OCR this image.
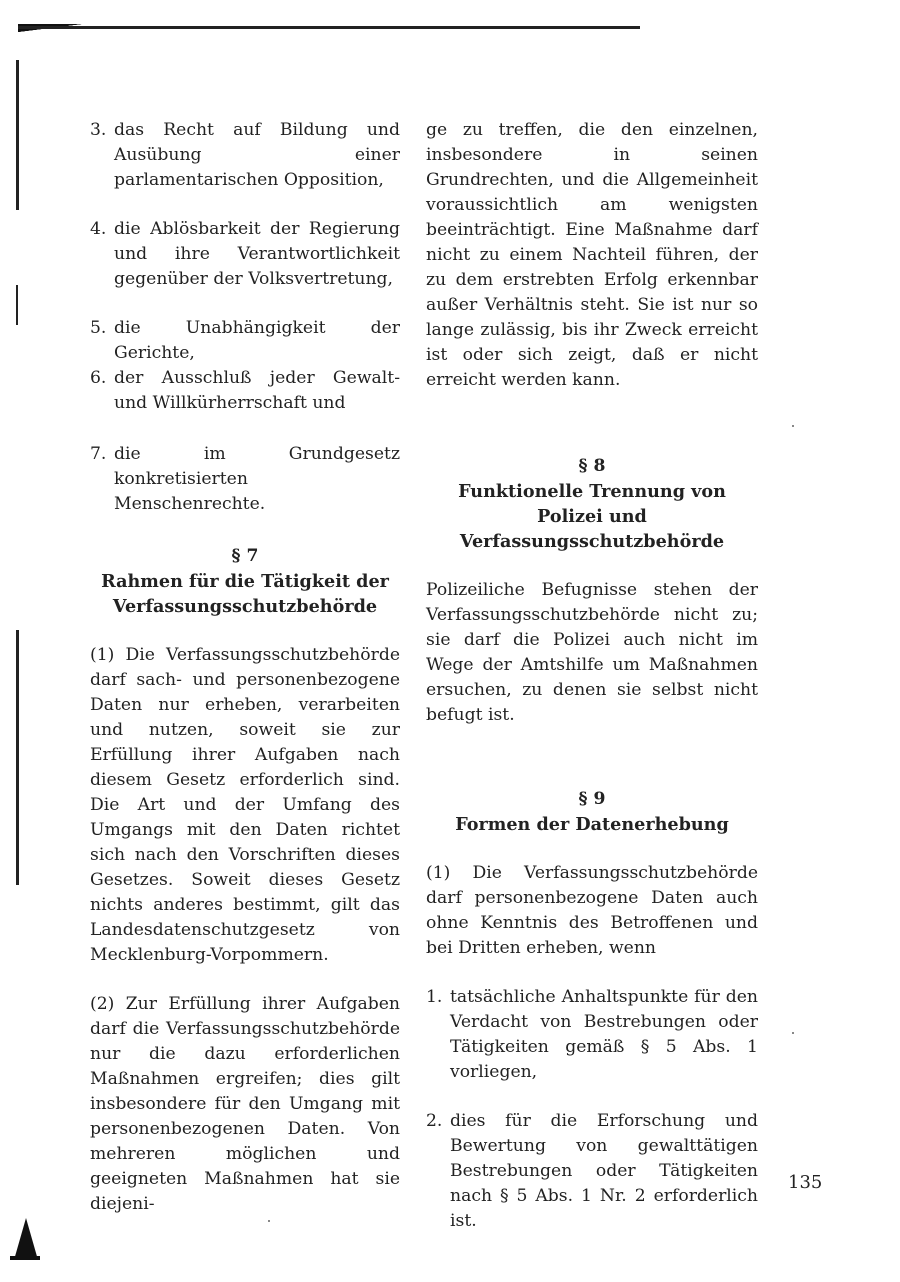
3. das Recht auf Bildung und Ausübung einer parlamentarischen Opposition,
4. die Ablösbarkeit der Regierung und ihre Verantwortlichkeit gegenüber der Volksvertretung,
5. die Unabhängigkeit der Gerichte,
6. der Ausschluß jeder Gewalt- und Willkürherrschaft und
7. die im Grundgesetz konkretisierten Menschenrechte.
§ 7
Rahmen für die Tätigkeit der Verfassungsschutzbehörde

(1) Die Verfassungsschutzbehörde darf sach- und personenbezogene Daten nur erheben, verarbeiten und nutzen, soweit sie zur Erfüllung ihrer Aufgaben nach diesem Gesetz erforderlich sind. Die Art und der Umfang des Umgangs mit den Daten richtet sich nach den Vorschriften dieses Gesetzes. Soweit dieses Gesetz nichts anderes bestimmt, gilt das Landesdatenschutzgesetz von Mecklenburg-Vorpommern.

(2) Zur Erfüllung ihrer Aufgaben darf die Verfassungsschutzbehörde nur die dazu erforderlichen Maßnahmen ergreifen; dies gilt insbesondere für den Umgang mit personenbezogenen Daten. Von mehreren möglichen und geeigneten Maßnahmen hat sie diejeni-

ge zu treffen, die den einzelnen, insbesondere in seinen Grundrechten, und die Allgemeinheit voraussichtlich am wenigsten beeinträchtigt. Eine Maßnahme darf nicht zu einem Nachteil führen, der zu dem erstrebten Erfolg erkennbar außer Verhältnis steht. Sie ist nur so lange zulässig, bis ihr Zweck erreicht ist oder sich zeigt, daß er nicht erreicht werden kann.

§ 8
Funktionelle Trennung von Polizei und Verfassungsschutzbehörde

Polizeiliche Befugnisse stehen der Verfassungsschutzbehörde nicht zu; sie darf die Polizei auch nicht im Wege der Amtshilfe um Maßnahmen ersuchen, zu denen sie selbst nicht befugt ist.

§ 9
Formen der Datenerhebung

(1) Die Verfassungsschutzbehörde darf personenbezogene Daten auch ohne Kenntnis des Betroffenen und bei Dritten erheben, wenn

1. tatsächliche Anhaltspunkte für den Verdacht von Bestrebungen oder Tätigkeiten gemäß § 5 Abs. 1 vorliegen,
2. dies für die Erforschung und Bewertung von gewalttätigen Bestrebungen oder Tätigkeiten nach § 5 Abs. 1 Nr. 2 erforderlich ist.
135
